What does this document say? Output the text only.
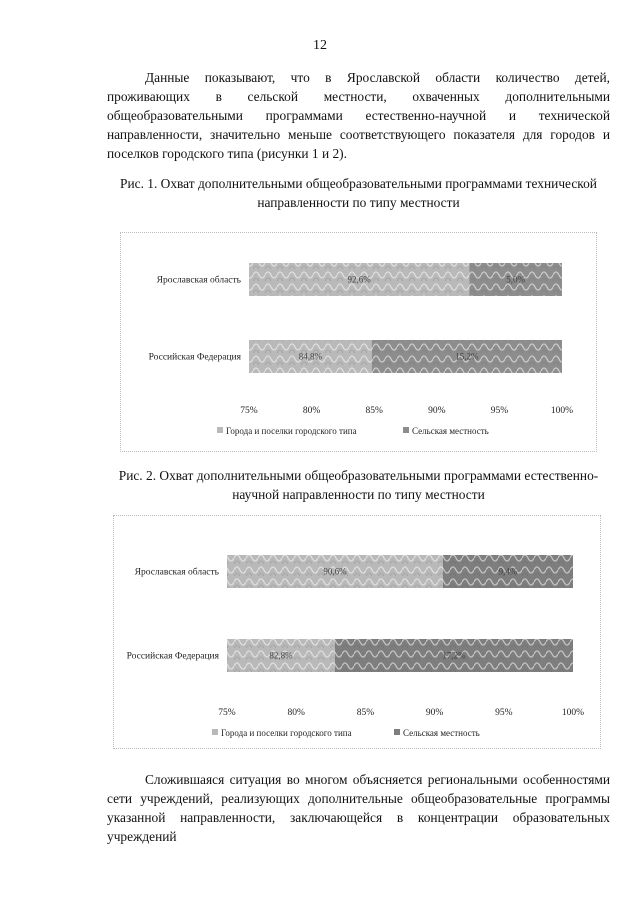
12

Данные показывают, что в Ярославской области количество детей, проживающих в сельской местности, охваченных дополнительными общеобразовательными программами естественно-научной и технической направленности, значительно меньше соответствующего показателя для городов и поселков городского типа (рисунки 1 и 2).

Рис. 1. Охват дополнительными общеобразовательными программами технической направленности по типу местности
75%	80%	85%	90%	95%	100%
Ярославская область	92,6%	5,0%
Российская Федерация	84,8%	15,2%
Города и поселки городского типа	Сельская местность
Рис. 2. Охват дополнительными общеобразовательными программами естественно-научной направленности по типу местности
75%	80%	85%	90%	95%	100%
Ярославская область	90,6%	9,4%
Российская Федерация	82,8%	17,2%
Города и поселки городского типа	Сельская местность

Сложившаяся ситуация во многом объясняется региональными особенностями сети учреждений, реализующих дополнительные общеобразовательные программы указанной направленности, заключающейся в концентрации образовательных учреждений
